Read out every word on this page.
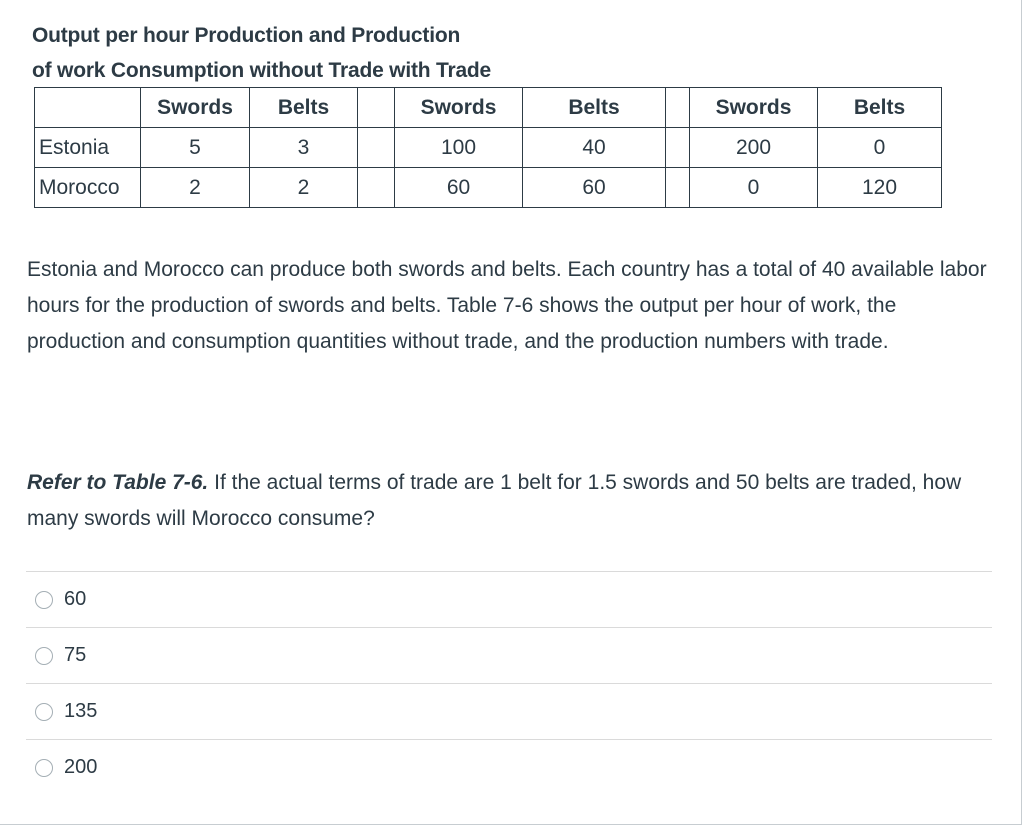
Output per hour Production and Production
of work Consumption without Trade with Trade
	Swords	Belts		Swords	Belts		Swords	Belts
Estonia	5	3		100	40		200	0
Morocco	2	2		60	60		0	120

Estonia and Morocco can produce both swords and belts. Each country has a total of 40 available labor hours for the production of swords and belts. Table 7-6 shows the output per hour of work, the production and consumption quantities without trade, and the production numbers with trade.

Refer to Table 7-6. If the actual terms of trade are 1 belt for 1.5 swords and 50 belts are traded, how many swords will Morocco consume?

60
75
135
200
